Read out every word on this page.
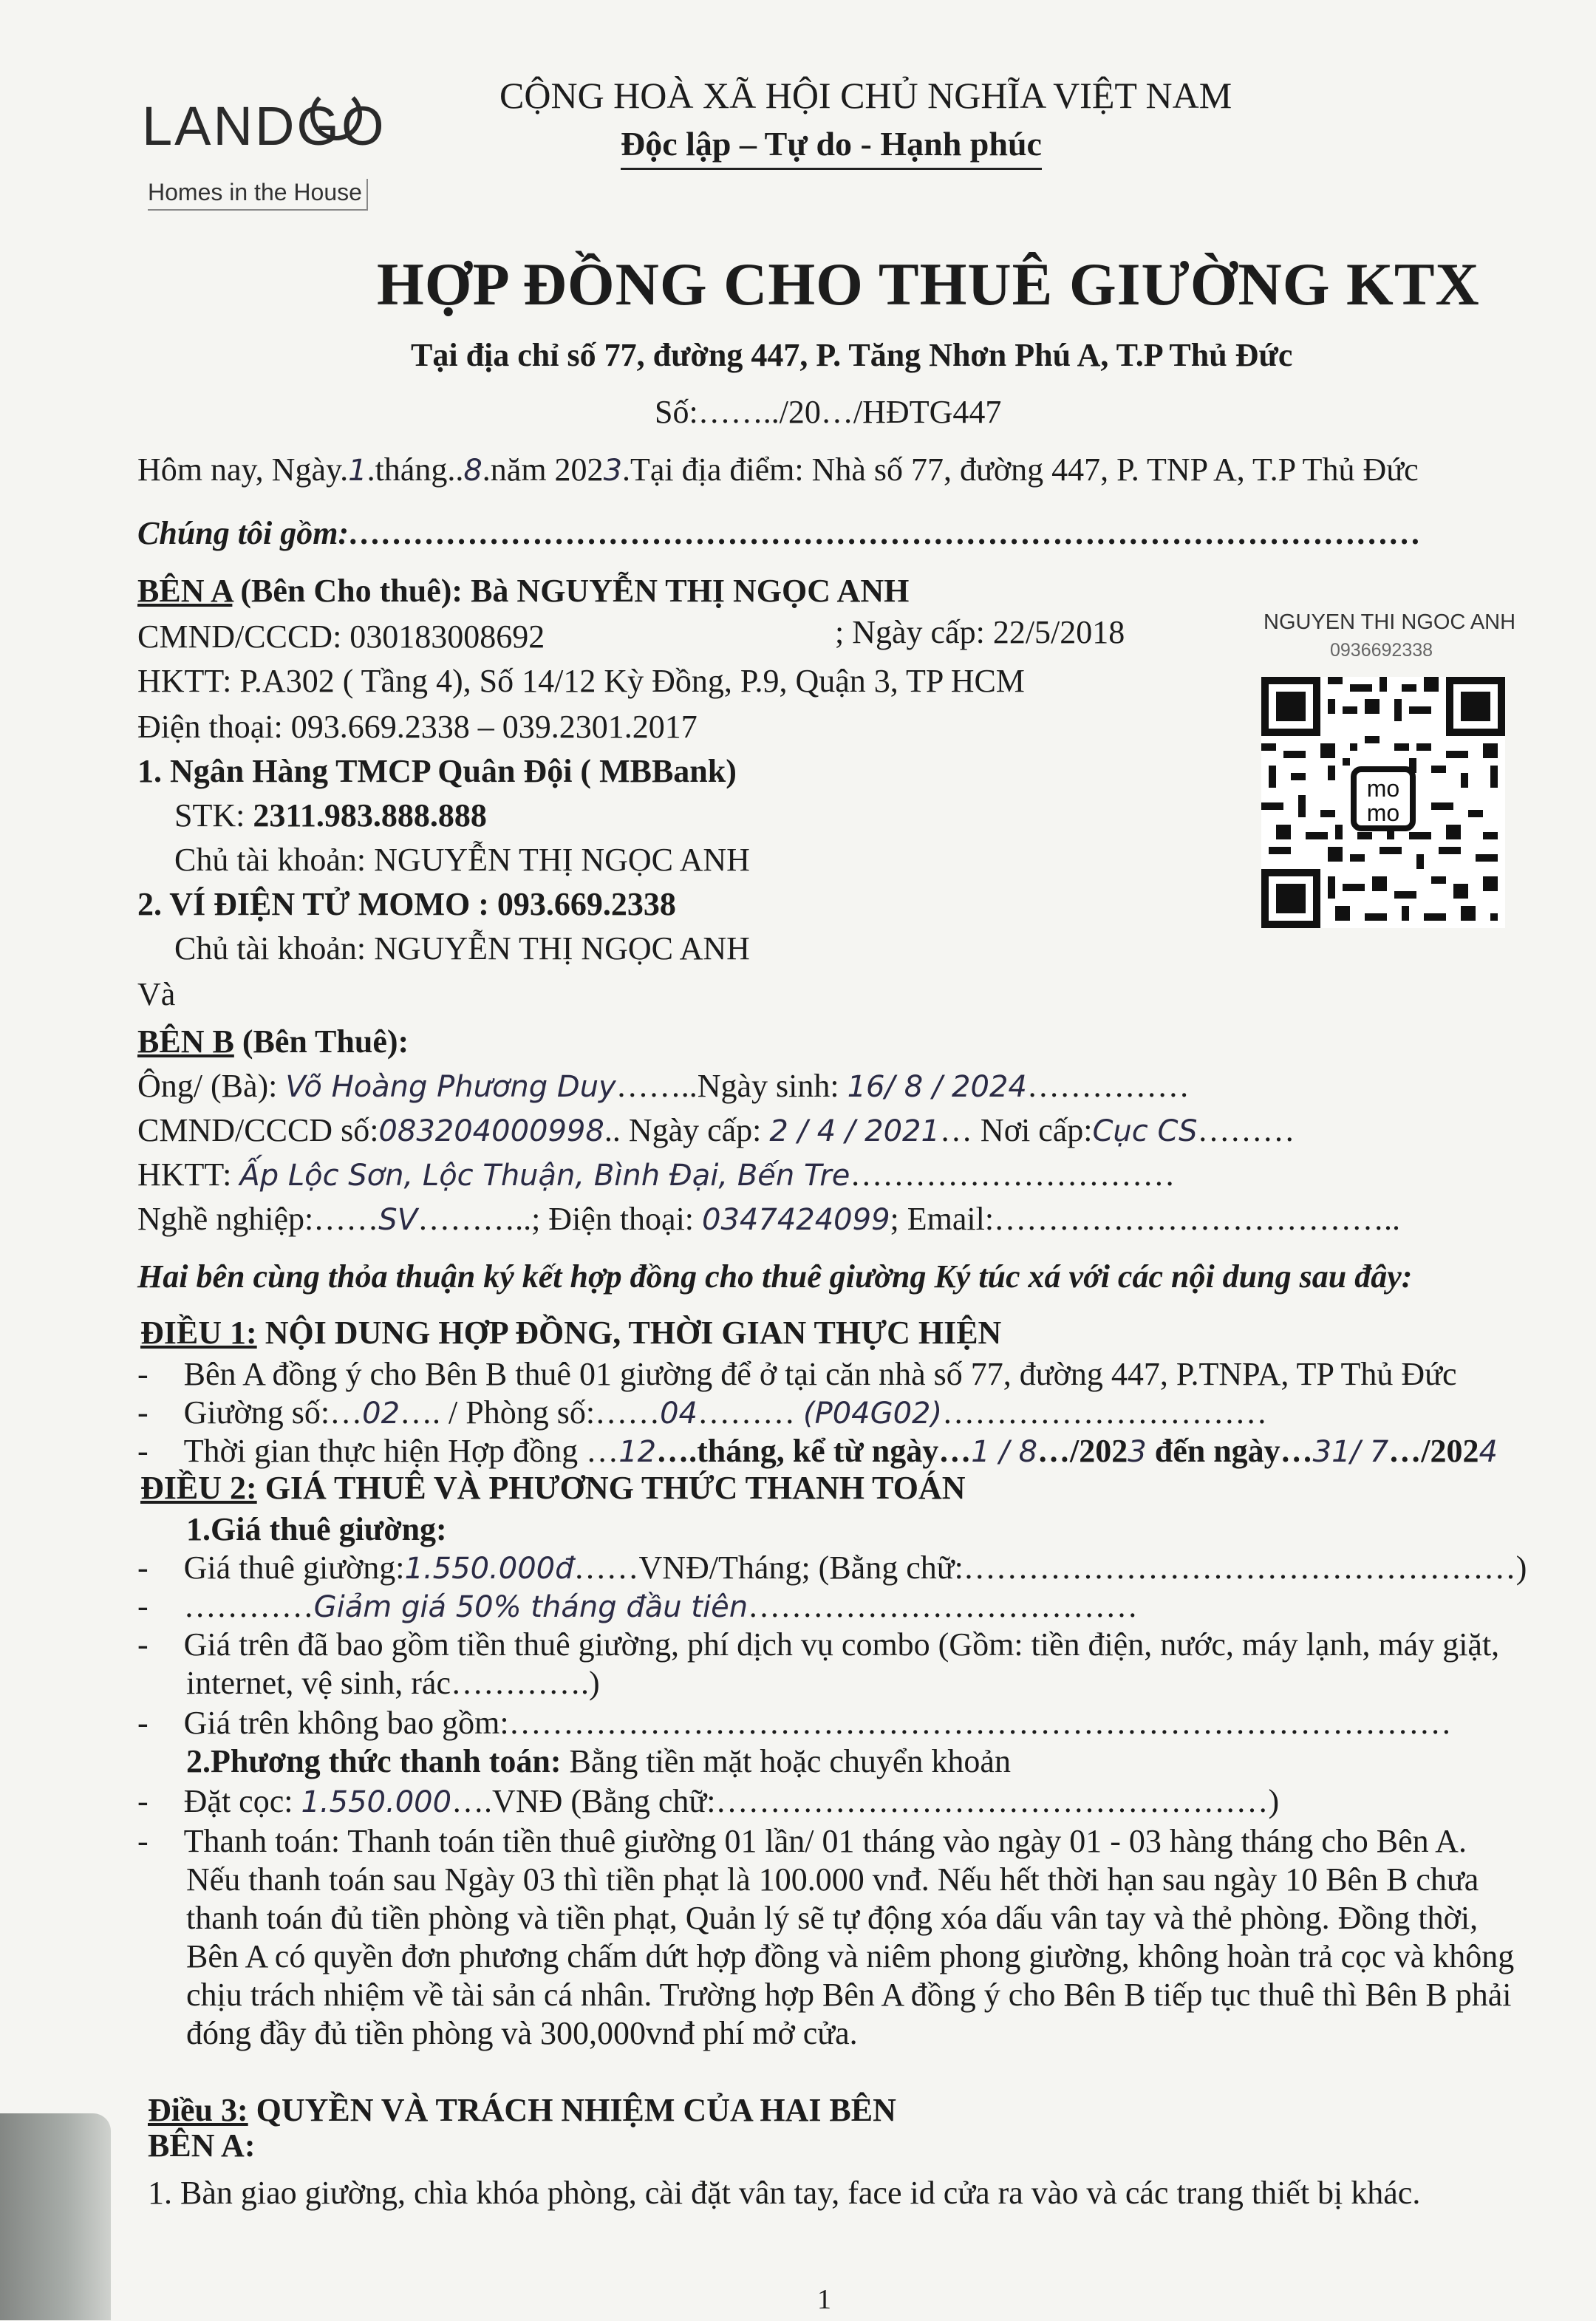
LANDGO
Homes in the House
CỘNG HOÀ XÃ HỘI CHỦ NGHĨA VIỆT NAM
Độc lập – Tự do - Hạnh phúc
HỢP ĐỒNG CHO THUÊ GIƯỜNG KTX
Tại địa chỉ số 77, đường 447, P. Tăng Nhơn Phú A, T.P Thủ Đức
Số:……../20…/HĐTG447
Hôm nay, Ngày.1.tháng..8.năm 2023.Tại địa điểm: Nhà số 77, đường 447, P. TNP A, T.P Thủ Đức
Chúng tôi gồm:………………………………………………………………………………………
BÊN A (Bên Cho thuê): Bà NGUYỄN THỊ NGỌC ANH
CMND/CCCD: 030183008692	; Ngày cấp: 22/5/2018
HKTT: P.A302 ( Tầng 4), Số 14/12 Kỳ Đồng, P.9, Quận 3, TP HCM
Điện thoại: 093.669.2338 – 039.2301.2017
1. Ngân Hàng TMCP Quân Đội ( MBBank)
STK: 2311.983.888.888
Chủ tài khoản: NGUYỄN THỊ NGỌC ANH
2. VÍ ĐIỆN TỬ MOMO : 093.669.2338
Chủ tài khoản: NGUYỄN THỊ NGỌC ANH
NGUYEN THI NGOC ANH
0936692338
mo
mo
Và
BÊN B (Bên Thuê):
Ông/ (Bà): Võ Hoàng Phương Duy……..Ngày sinh: 16/ 8 / 2024……………
CMND/CCCD số:083204000998.. Ngày cấp: 2 / 4 / 2021… Nơi cấp:Cục CS………
HKTT: Ấp Lộc Sơn, Lộc Thuận, Bình Đại, Bến Tre…………………………
Nghề nghiệp:……SV………..; Điện thoại: 0347424099; Email:………………………………..
Hai bên cùng thỏa thuận ký kết hợp đồng cho thuê giường Ký túc xá với các nội dung sau đây:
ĐIỀU 1: NỘI DUNG HỢP ĐỒNG, THỜI GIAN THỰC HIỆN
- Bên A đồng ý cho Bên B thuê 01 giường để ở tại căn nhà số 77, đường 447, P.TNPA, TP Thủ Đức
- Giường số:…02…. / Phòng số:……04……… (P04G02)…………………………
- Thời gian thực hiện Hợp đồng …12….tháng, kể từ ngày…1 / 8…/2023 đến ngày…31/ 7…/2024
ĐIỀU 2: GIÁ THUÊ VÀ PHƯƠNG THỨC THANH TOÁN
1.Giá thuê giường:
- Giá thuê giường:1.550.000đ……VNĐ/Tháng; (Bằng chữ:……………………………………………)
- …………Giảm giá 50% tháng đầu tiên………………………………
- Giá trên đã bao gồm tiền thuê giường, phí dịch vụ combo (Gồm: tiền điện, nước, máy lạnh, máy giặt,
internet, vệ sinh, rác………….)
- Giá trên không bao gồm:……………………………………………………………………………
2.Phương thức thanh toán: Bằng tiền mặt hoặc chuyển khoản
- Đặt cọc: 1.550.000….VNĐ (Bằng chữ:……………………………………………)
- Thanh toán: Thanh toán tiền thuê giường 01 lần/ 01 tháng vào ngày 01 - 03 hàng tháng cho Bên A.
Nếu thanh toán sau Ngày 03 thì tiền phạt là 100.000 vnđ. Nếu hết thời hạn sau ngày 10 Bên B chưa
thanh toán đủ tiền phòng và tiền phạt, Quản lý sẽ tự động xóa dấu vân tay và thẻ phòng. Đồng thời,
Bên A có quyền đơn phương chấm dứt hợp đồng và niêm phong giường, không hoàn trả cọc và không
chịu trách nhiệm về tài sản cá nhân. Trường hợp Bên A đồng ý cho Bên B tiếp tục thuê thì Bên B phải
đóng đầy đủ tiền phòng và 300,000vnđ phí mở cửa.
Điều 3: QUYỀN VÀ TRÁCH NHIỆM CỦA HAI BÊN
BÊN A:
1. Bàn giao giường, chìa khóa phòng, cài đặt vân tay, face id cửa ra vào và các trang thiết bị khác.
1
